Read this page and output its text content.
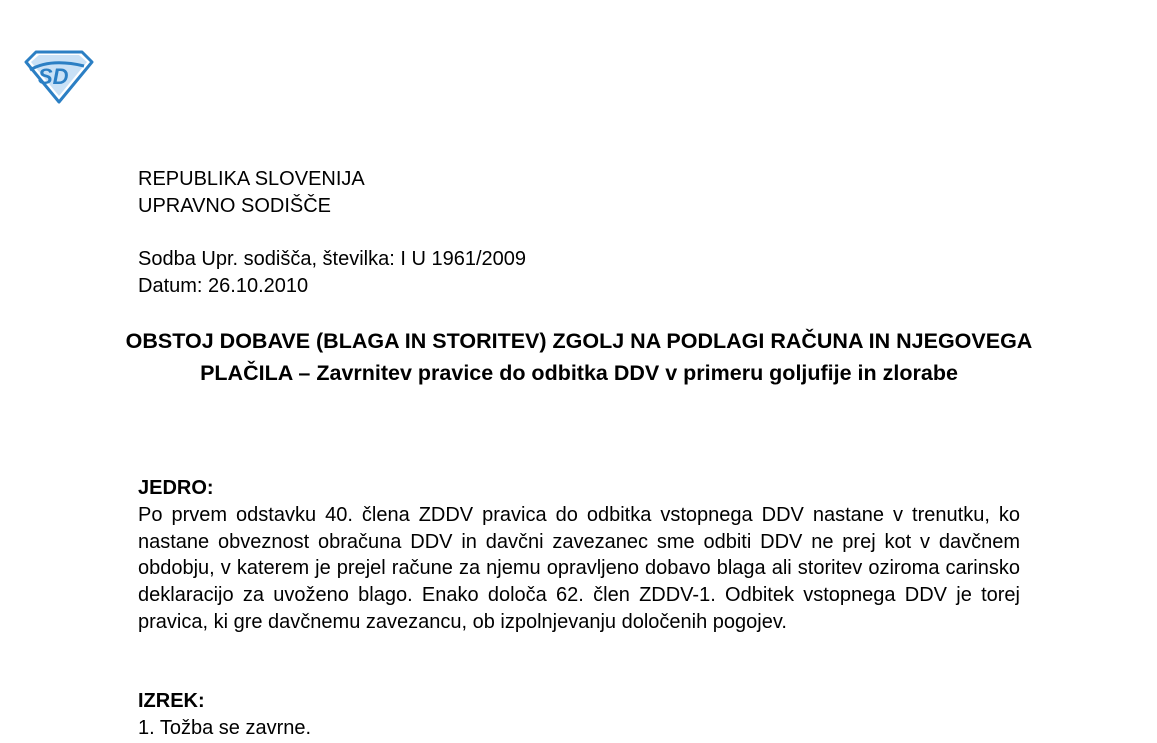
SD
REPUBLIKA SLOVENIJA
UPRAVNO SODIŠČE
Sodba Upr. sodišča, številka: I U 1961/2009
Datum: 26.10.2010
OBSTOJ DOBAVE (BLAGA IN STORITEV) ZGOLJ NA PODLAGI RAČUNA IN NJEGOVEGA PLAČILA – Zavrnitev pravice do odbitka DDV v primeru goljufije in zlorabe
JEDRO:
Po prvem odstavku 40. člena ZDDV pravica do odbitka vstopnega DDV nastane v trenutku, ko nastane obveznost obračuna DDV in davčni zavezanec sme odbiti DDV ne prej kot v davčnem obdobju, v katerem je prejel račune za njemu opravljeno dobavo blaga ali storitev oziroma carinsko deklaracijo za uvoženo blago. Enako določa 62. člen ZDDV-1. Odbitek vstopnega DDV je torej pravica, ki gre davčnemu zavezancu, ob izpolnjevanju določenih pogojev.
IZREK:
1. Tožba se zavrne.
